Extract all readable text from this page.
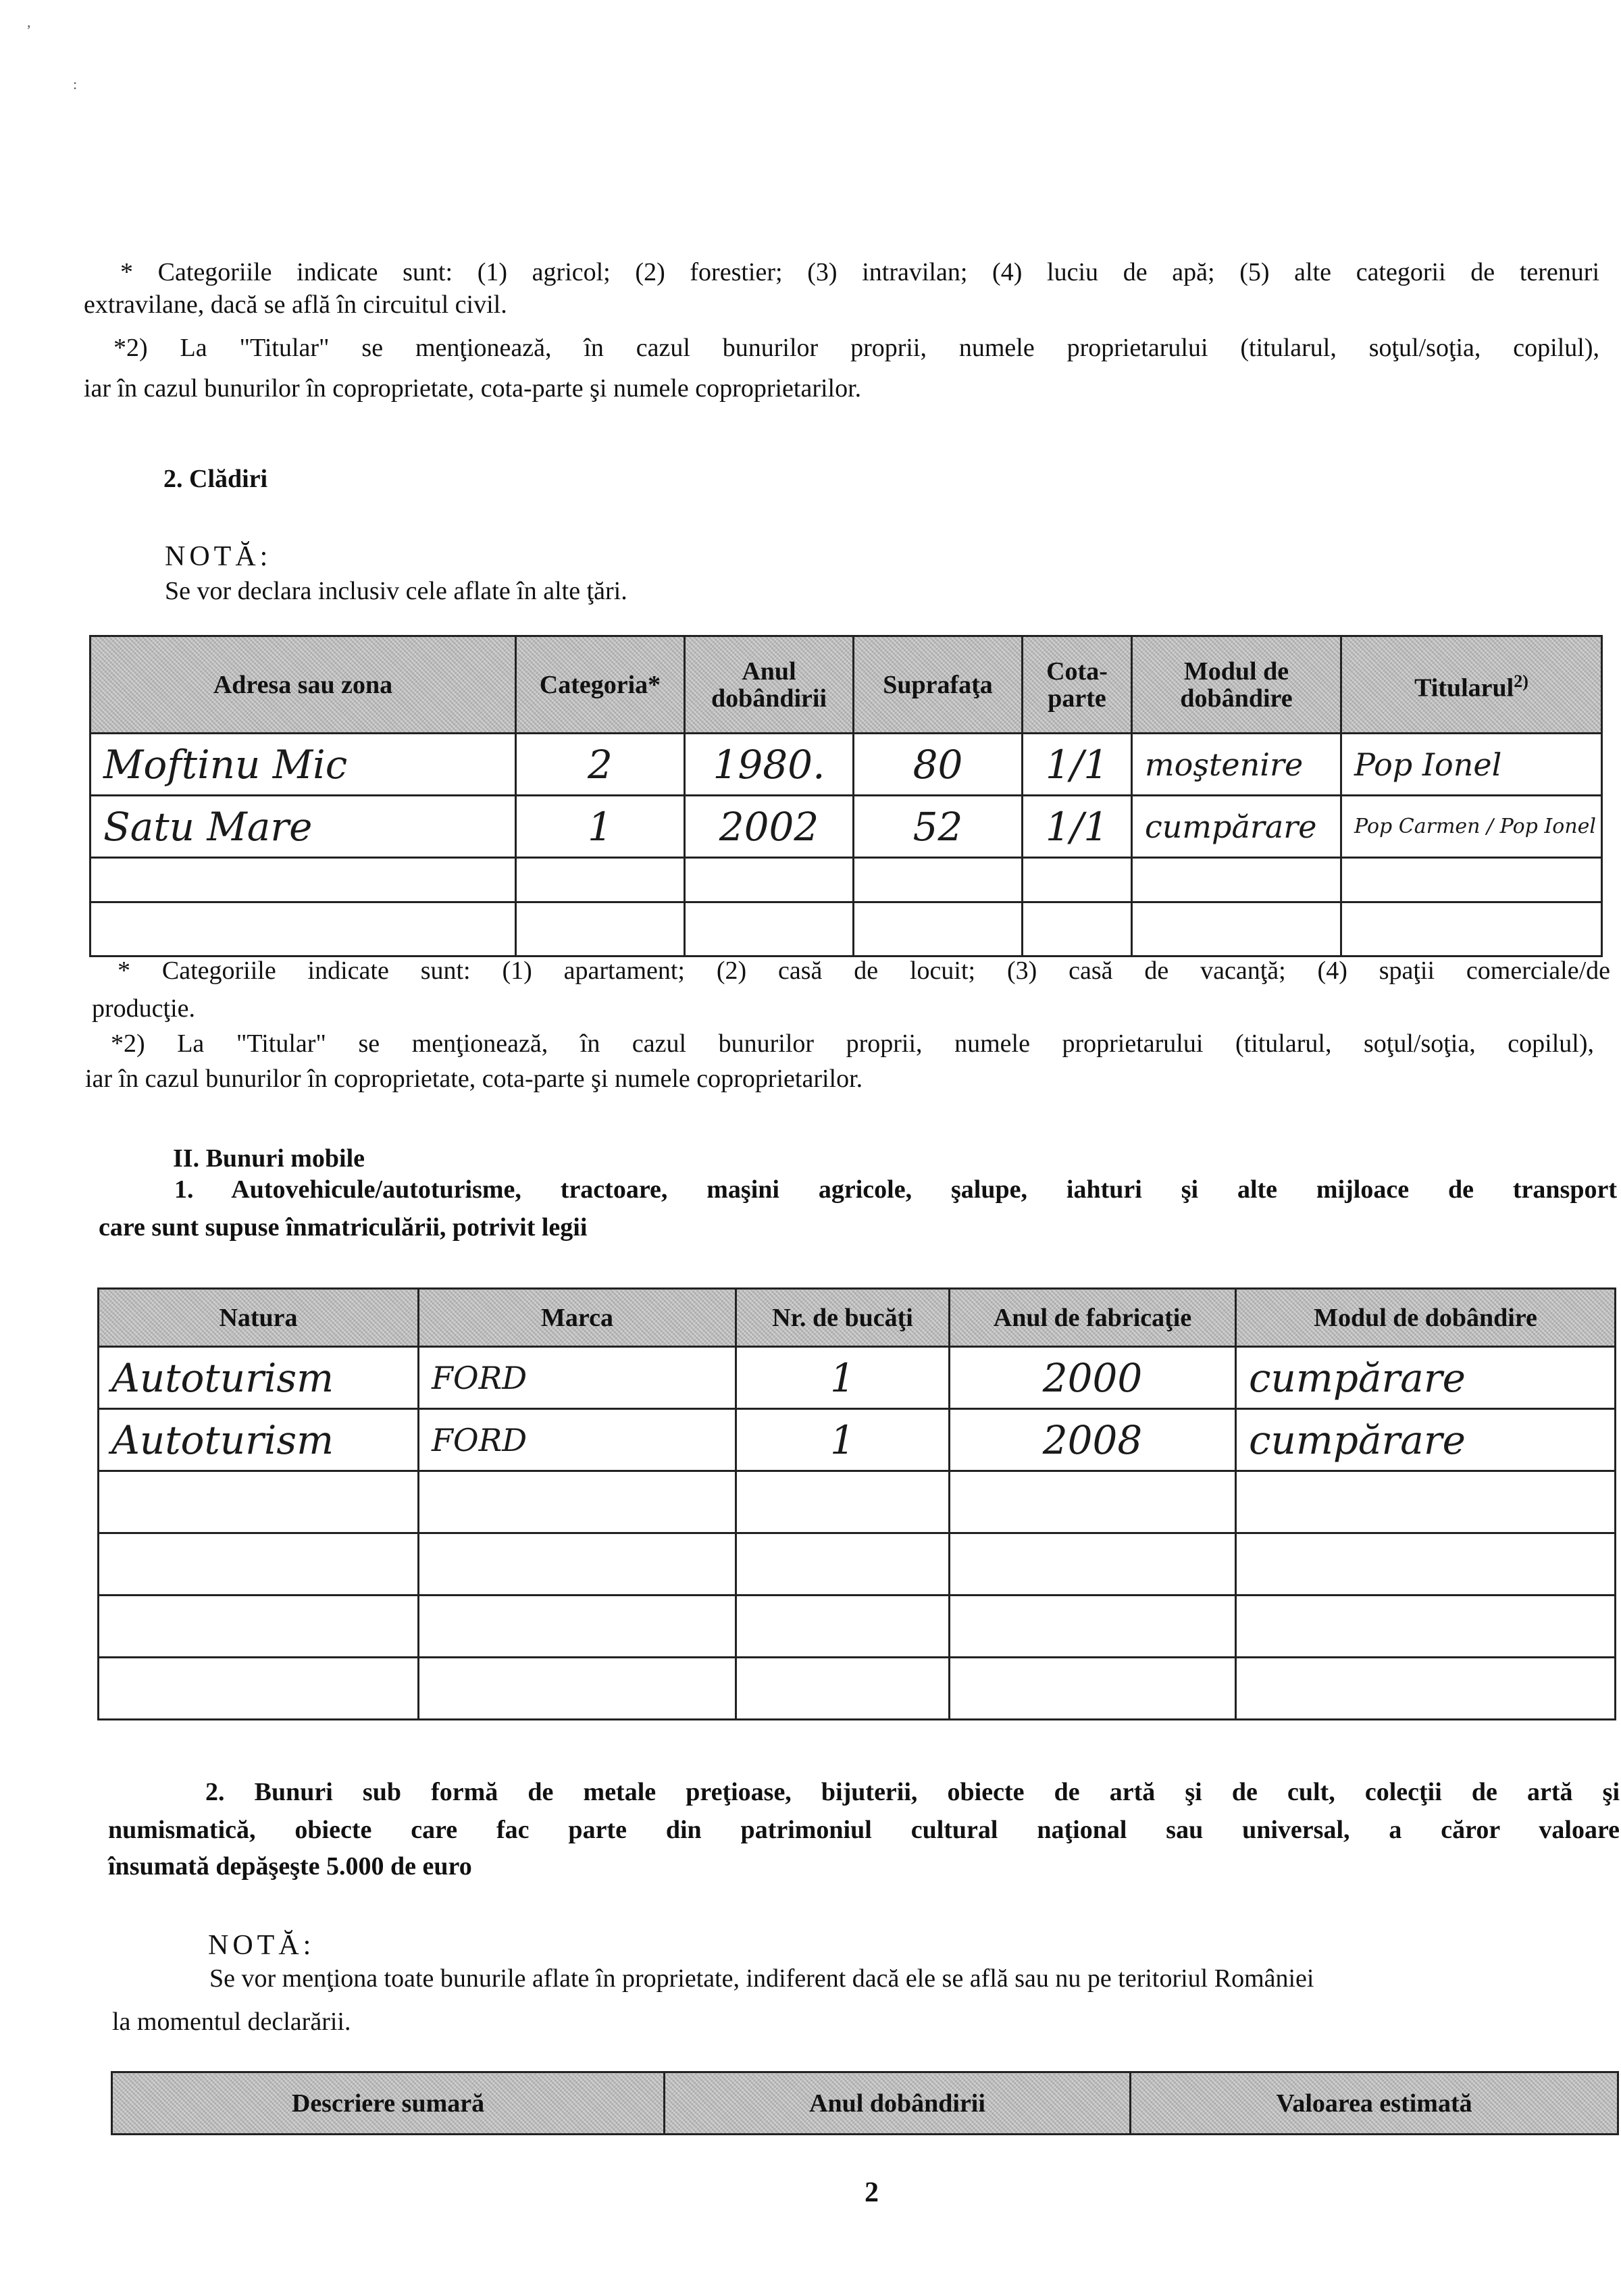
,
:
* Categoriile indicate sunt: (1) agricol; (2) forestier; (3) intravilan; (4) luciu de apă; (5) alte categorii de terenuri
extravilane, dacă se află în circuitul civil.
*2) La "Titular" se menţionează, în cazul bunurilor proprii, numele proprietarului (titularul, soţul/soţia, copilul),
iar în cazul bunurilor în coproprietate, cota-parte şi numele coproprietarilor.
2. Clădiri
NOTĂ:
Se vor declara inclusiv cele aflate în alte ţări.
Adresa sau zona	Categoria*	Anul dobândirii	Suprafaţa	Cota-parte	Modul de dobândire	Titularul$^{2)}$
Moftinu Mic	2	1980.	80	1/1	moştenire	Pop Ionel
Satu Mare	1	2002	52	1/1	cumpărare	Pop Carmen / Pop Ionel

* Categoriile indicate sunt: (1) apartament; (2) casă de locuit; (3) casă de vacanţă; (4) spaţii comerciale/de
producţie.
*2) La "Titular" se menţionează, în cazul bunurilor proprii, numele proprietarului (titularul, soţul/soţia, copilul),
iar în cazul bunurilor în coproprietate, cota-parte şi numele coproprietarilor.
II. Bunuri mobile
1. Autovehicule/autoturisme, tractoare, maşini agricole, şalupe, iahturi şi alte mijloace de transport
care sunt supuse înmatriculării, potrivit legii
Natura	Marca	Nr. de bucăţi	Anul de fabricaţie	Modul de dobândire
Autoturism	FORD	1	2000	cumpărare
Autoturism	FORD	1	2008	cumpărare

2. Bunuri sub formă de metale preţioase, bijuterii, obiecte de artă şi de cult, colecţii de artă şi
numismatică, obiecte care fac parte din patrimoniul cultural naţional sau universal, a căror valoare
însumată depăşeşte 5.000 de euro
NOTĂ:
Se vor menţiona toate bunurile aflate în proprietate, indiferent dacă ele se află sau nu pe teritoriul României
la momentul declarării.
Descriere sumară	Anul dobândirii	Valoarea estimată
2
